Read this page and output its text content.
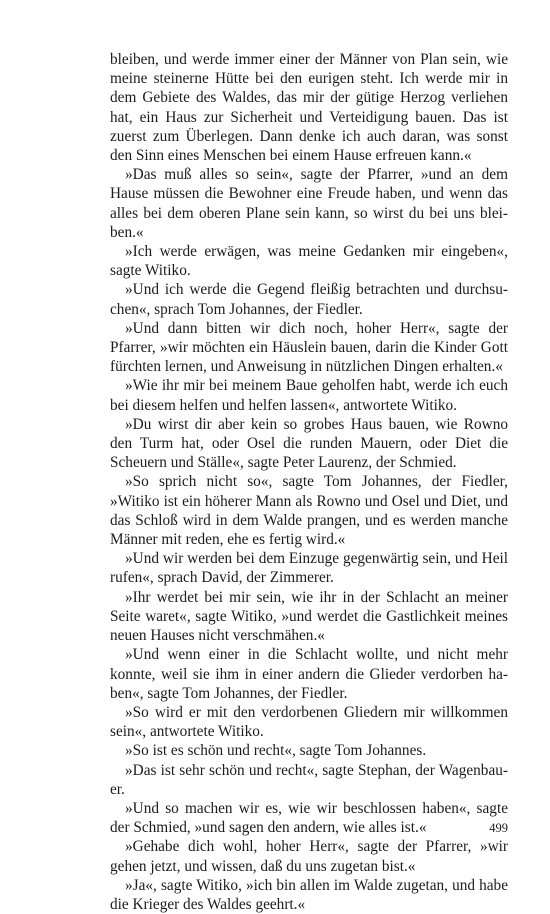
bleiben, und werde immer einer der Männer von Plan sein, wie meine steinerne Hütte bei den eurigen steht. Ich werde mir in dem Gebiete des Waldes, das mir der gütige Herzog verliehen hat, ein Haus zur Sicherheit und Verteidigung bauen. Das ist zuerst zum Überlegen. Dann denke ich auch daran, was sonst den Sinn eines Menschen bei einem Hause erfreuen kann.«

»Das muß alles so sein«, sagte der Pfarrer, »und an dem Hause müssen die Bewohner eine Freude haben, und wenn das alles bei dem oberen Plane sein kann, so wirst du bei uns bleiben.«

»Ich werde erwägen, was meine Gedanken mir eingeben«, sagte Witiko.

»Und ich werde die Gegend fleißig betrachten und durchsuchen«, sprach Tom Johannes, der Fiedler.

»Und dann bitten wir dich noch, hoher Herr«, sagte der Pfarrer, »wir möchten ein Häuslein bauen, darin die Kinder Gott fürchten lernen, und Anweisung in nützlichen Dingen erhalten.«

»Wie ihr mir bei meinem Baue geholfen habt, werde ich euch bei diesem helfen und helfen lassen«, antwortete Witiko.

»Du wirst dir aber kein so grobes Haus bauen, wie Rowno den Turm hat, oder Osel die runden Mauern, oder Diet die Scheuern und Ställe«, sagte Peter Laurenz, der Schmied.

»So sprich nicht so«, sagte Tom Johannes, der Fiedler, »Witiko ist ein höherer Mann als Rowno und Osel und Diet, und das Schloß wird in dem Walde prangen, und es werden manche Männer mit reden, ehe es fertig wird.«

»Und wir werden bei dem Einzuge gegenwärtig sein, und Heil rufen«, sprach David, der Zimmerer.

»Ihr werdet bei mir sein, wie ihr in der Schlacht an meiner Seite waret«, sagte Witiko, »und werdet die Gastlichkeit meines neuen Hauses nicht verschmähen.«

»Und wenn einer in die Schlacht wollte, und nicht mehr konnte, weil sie ihm in einer andern die Glieder verdorben haben«, sagte Tom Johannes, der Fiedler.

»So wird er mit den verdorbenen Gliedern mir willkommen sein«, antwortete Witiko.

»So ist es schön und recht«, sagte Tom Johannes.

»Das ist sehr schön und recht«, sagte Stephan, der Wagenbauer.

»Und so machen wir es, wie wir beschlossen haben«, sagte der Schmied, »und sagen den andern, wie alles ist.«

»Gehabe dich wohl, hoher Herr«, sagte der Pfarrer, »wir gehen jetzt, und wissen, daß du uns zugetan bist.«

»Ja«, sagte Witiko, »ich bin allen im Walde zugetan, und habe die Krieger des Waldes geehrt.«

499
